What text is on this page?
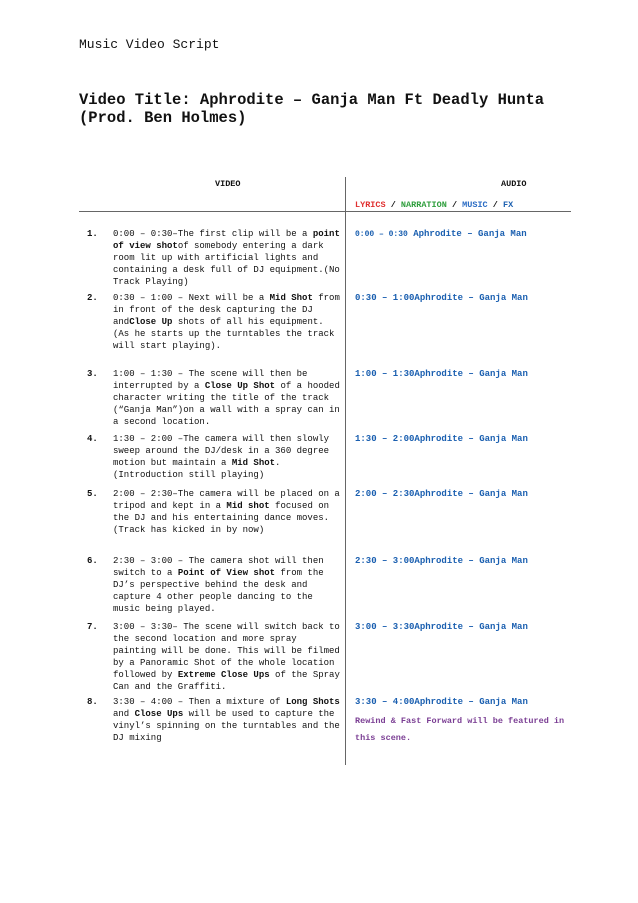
Music Video Script
Video Title: Aphrodite – Ganja Man Ft Deadly Hunta (Prod. Ben Holmes)
VIDEO	AUDIO
LYRICS / NARRATION / MUSIC / FX
1. 0:00 – 0:30–The first clip will be a point of view shotof somebody entering a dark room lit up with artificial lights and containing a desk full of DJ equipment.(No Track Playing)
0:00 – 0:30 Aphrodite – Ganja Man
2. 0:30 – 1:00 – Next will be a Mid Shot from in front of the desk capturing the DJ andClose Up shots of all his equipment. (As he starts up the turntables the track will start playing).
0:30 – 1:00Aphrodite – Ganja Man
3. 1:00 – 1:30 – The scene will then be interrupted by a Close Up Shot of a hooded character writing the title of the track (“Ganja Man”)on a wall with a spray can in a second location.
1:00 – 1:30Aphrodite – Ganja Man
4. 1:30 – 2:00 –The camera will then slowly sweep around the DJ/desk in a 360 degree motion but maintain a Mid Shot.(Introduction still playing)
1:30 – 2:00Aphrodite – Ganja Man
5. 2:00 – 2:30–The camera will be placed on a tripod and kept in a Mid shot focused on the DJ and his entertaining dance moves. (Track has kicked in by now)
2:00 – 2:30Aphrodite – Ganja Man
6. 2:30 – 3:00 – The camera shot will then switch to a Point of View shot from the DJ’s perspective behind the desk and capture 4 other people dancing to the music being played.
2:30 – 3:00Aphrodite – Ganja Man
7. 3:00 – 3:30– The scene will switch back to the second location and more spray painting will be done. This will be filmed by a Panoramic Shot of the whole location followed by Extreme Close Ups of the Spray Can and the Graffiti.
3:00 – 3:30Aphrodite – Ganja Man
8. 3:30 – 4:00 – Then a mixture of Long Shots and Close Ups will be used to capture the vinyl’s spinning on the turntables and the DJ mixing
3:30 – 4:00Aphrodite – Ganja Man
Rewind & Fast Forward will be featured in this scene.
